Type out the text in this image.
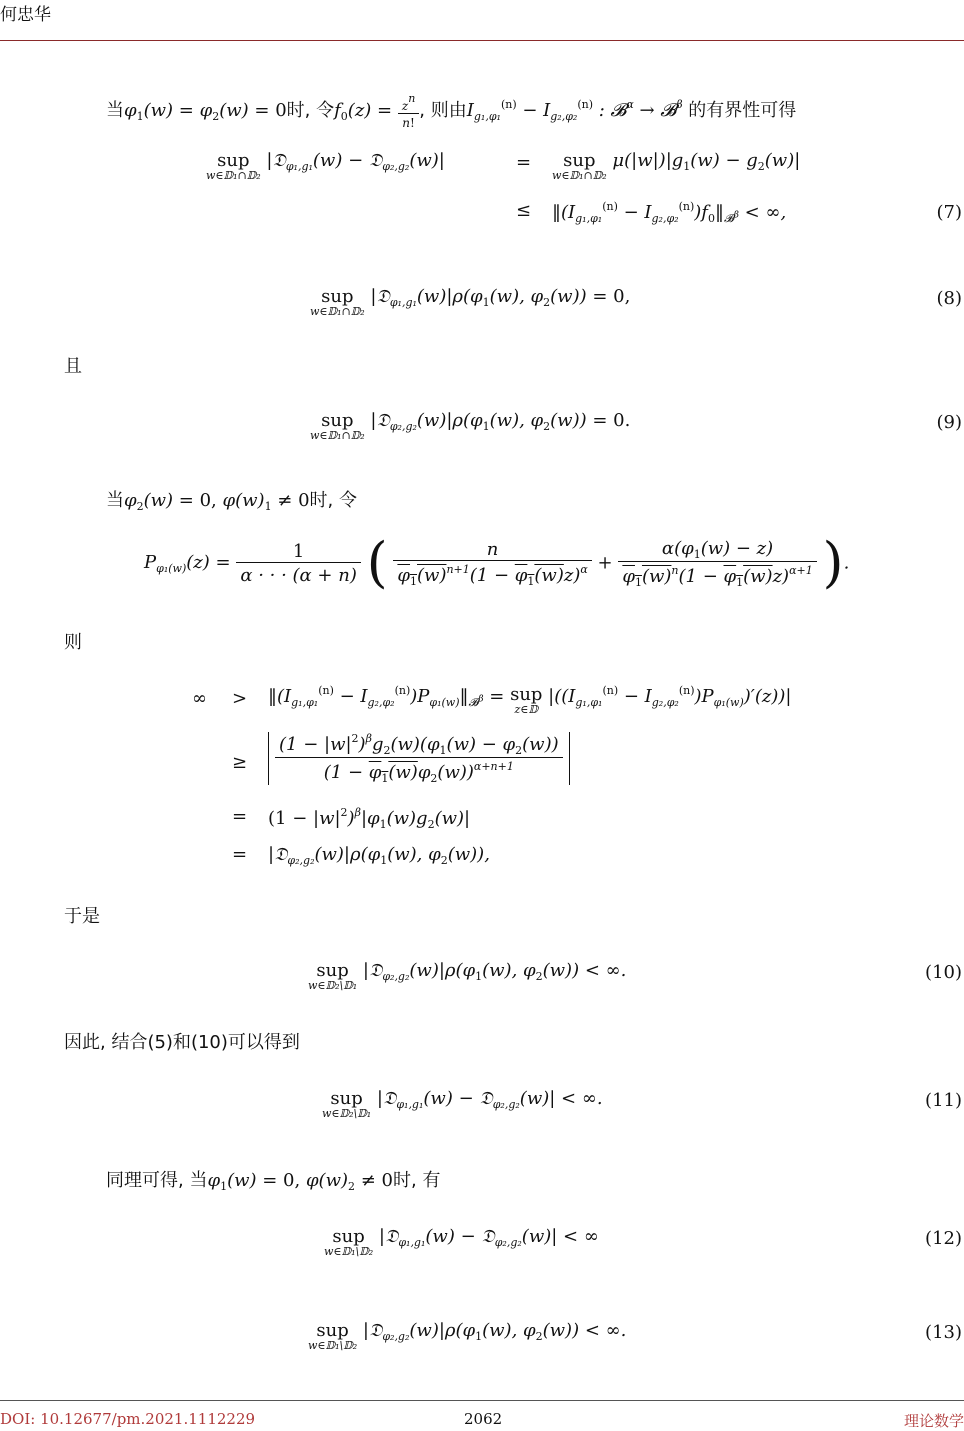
何忠华
当$\varphi_1(w) = \varphi_2(w) = 0$时, 令$f_0(z) = \frac{zn}{n!}$ , 则由$I_{g_1,\varphi_1}^{(n)} - I_{g_2,\varphi_2}^{(n)}$ : 𝓑$^\alpha$ → 𝓑$^\beta$ 的有界性可得
sup
w∈𝔻₁∩𝔻₂
|𝔇$_{\varphi_1,g_1}$(w) − 𝔇$_{\varphi_2,g_2}$(w)|	=	sup
w∈𝔻₁∩𝔻₂
$\mu(|w|)|g_1(w) - g_2(w)|$
≤ $‖(I_{g_1,\varphi_1}^{(n)}$ − $I_{g_2,\varphi_2}^{(n)})f_0‖_{𝓑^\beta}$ < ∞,	(7)
sup
w∈𝔻₁∩𝔻₂
$|𝔇_{\varphi_1,g_1}(w)|\rho(\varphi_1(w)$, $\varphi_2(w)) = 0$,	(8)
且
sup
w∈𝔻₁∩𝔻₂
$|𝔇_{\varphi_2,g_2}(w)|\rho(\varphi_1(w)$, $\varphi_2(w)) = 0$.	(9)
当$\varphi_2(w) = 0$, $\varphi(w)_1 \ne 0$时, 令
$P_{\varphi_1(w)}(z) = \frac{1}{\alpha \cdot \cdot \cdot (\alpha + n)}$ ( $\frac{n}{\varphi_1(w)^{n+1}(1 - \varphi_1(w)z)^\alpha} + \frac{\alpha(\varphi_1(w) - z)}{\varphi_1(w)^n(1 - \varphi_1(w)z)^{\alpha+1}}$ ).
则
∞ > $‖(I_{g_1,\varphi_1}^{(n)}$ − $I_{g_2,\varphi_2}^{(n)})P_{\varphi_1(w)}‖_{𝓑^\beta}$ = sup
z∈𝔻
$|((I_{g_1,\varphi_1}^{(n)} - I_{g_2,\varphi_2}^{(n)})P_{\varphi_1(w)})'(z))|$
≥ $\frac{(1 - |w|^2)^\beta g_2(w)(\varphi_1(w) - \varphi_2(w))}{(1 - \varphi_1(w)\varphi_2(w))^{\alpha+n+1}}$
= $(1 - |w|^2)^\beta|\varphi_1(w)g_2(w)|$
= $|𝔇_{\varphi_2,g_2}(w)|\rho(\varphi_1(w)$, $\varphi_2(w)$),
于是
sup
w∈𝔻₂\𝔻₁
$|𝔇_{\varphi_2,g_2}(w)|\rho(\varphi_1(w)$, $\varphi_2(w)$) < ∞.	(10)
因此, 结合(5)和(10)可以得到
sup
w∈𝔻₂\𝔻₁
|𝔇$_{\varphi_1,g_1}$(w) − 𝔇$_{\varphi_2,g_2}$(w)| < ∞.	(11)
同理可得, 当$\varphi_1(w) = 0$, $\varphi(w)_2 \ne 0$时, 有
sup
w∈𝔻₁\𝔻₂
|𝔇$_{\varphi_1,g_1}$(w) − 𝔇$_{\varphi_2,g_2}$(w)| < ∞	(12)
sup
w∈𝔻₁\𝔻₂
$|𝔇_{\varphi_2,g_2}(w)|\rho(\varphi_1(w)$, $\varphi_2(w)$) < ∞.	(13)
DOI: 10.12677/pm.2021.1112229	2062	理论数学
